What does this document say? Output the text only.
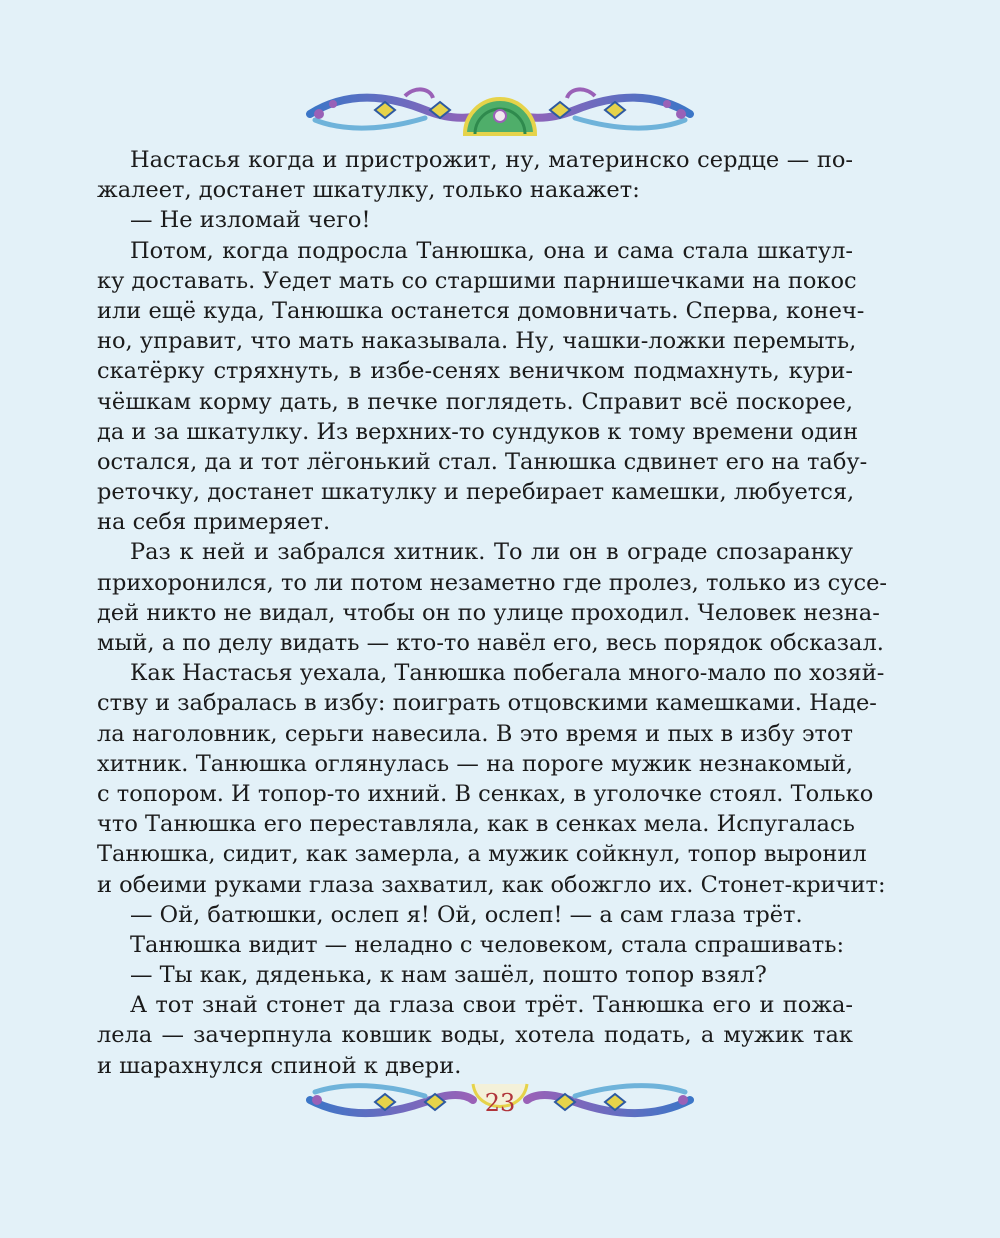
Настасья когда и пристрожит, ну, материнско сердце — по-
жалеет, достанет шкатулку, только накажет:
— Не изломай чего!
Потом, когда подросла Танюшка, она и сама стала шкатул-
ку доставать. Уедет мать со старшими парнишечками на покос
или ещё куда, Танюшка останется домовничать. Сперва, конеч-
но, управит, что мать наказывала. Ну, чашки-ложки перемыть,
скатёрку стряхнуть, в избе-сенях веничком подмахнуть, кури-
чёшкам корму дать, в печке поглядеть. Справит всё поскорее,
да и за шкатулку. Из верхних-то сундуков к тому времени один
остался, да и тот лёгонький стал. Танюшка сдвинет его на табу-
реточку, достанет шкатулку и перебирает камешки, любуется,
на себя примеряет.
Раз к ней и забрался хитник. То ли он в ограде спозаранку
прихоронился, то ли потом незаметно где пролез, только из сусе-
дей никто не видал, чтобы он по улице проходил. Человек незна-
мый, а по делу видать — кто-то навёл его, весь порядок обсказал.
Как Настасья уехала, Танюшка побегала много-мало по хозяй-
ству и забралась в избу: поиграть отцовскими камешками. Наде-
ла наголовник, серьги навесила. В это время и пых в избу этот
хитник. Танюшка оглянулась — на пороге мужик незнакомый,
с топором. И топор-то ихний. В сенках, в уголочке стоял. Только
что Танюшка его переставляла, как в сенках мела. Испугалась
Танюшка, сидит, как замерла, а мужик сойкнул, топор выронил
и обеими руками глаза захватил, как обожгло их. Стонет-кричит:
— Ой, батюшки, ослеп я! Ой, ослеп! — а сам глаза трёт.
Танюшка видит — неладно с человеком, стала спрашивать:
— Ты как, дяденька, к нам зашёл, пошто топор взял?
А тот знай стонет да глаза свои трёт. Танюшка его и пожа-
лела — зачерпнула ковшик воды, хотела подать, а мужик так
и шарахнулся спиной к двери.
23
